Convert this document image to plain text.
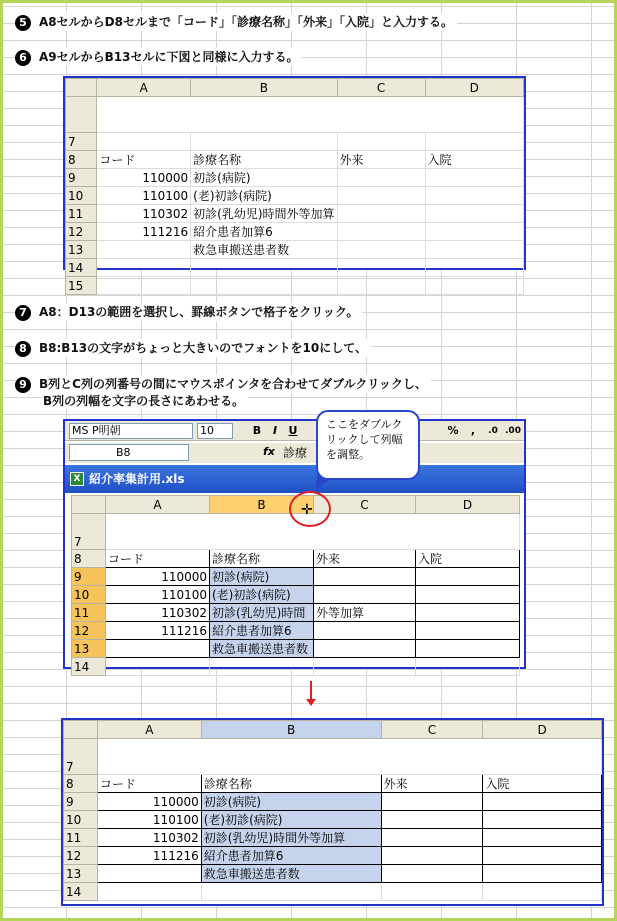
5 A8セルからD8セルまで「コード」「診療名称」「外来」「入院」と入力する。
6 A9セルからB13セルに下図と同様に入力する。
	A	B	C	D

7				
8	コード	診療名称	外来	入院
9	110000	初診(病院)		
10	110100	(老)初診(病院)		
11	110302	初診(乳幼児)時間外等加算		
12	111216	紹介患者加算6		
13		救急車搬送患者数		
14				
15				
7 A8：D13の範囲を選択し、罫線ボタンで格子をクリック。
8 B8:B13の文字がちょっと大きいのでフォントを10にして、
9 B列とC列の列番号の間にマウスポインタを合わせてダブルクリックし、
B列の列幅を文字の長さにあわせる。
MS P明朝	10	B	I	U	%	,	.0 .00
B8	fx 診療
X 紹介率集計用.xls
	A	B	C	D
7				
8	コード	診療名称	外来	入院
9	110000	初診(病院)		
10	110100	(老)初診(病院)		
11	110302	初診(乳幼児)時間	外等加算	
12	111216	紹介患者加算6		
13		救急車搬送患者数		
14				
ここをダブルクリックして列幅を調整。
✛
	A	B	C	D
7				
8	コード	診療名称	外来	入院
9	110000	初診(病院)		
10	110100	(老)初診(病院)		
11	110302	初診(乳幼児)時間外等加算		
12	111216	紹介患者加算6		
13		救急車搬送患者数		
14				
